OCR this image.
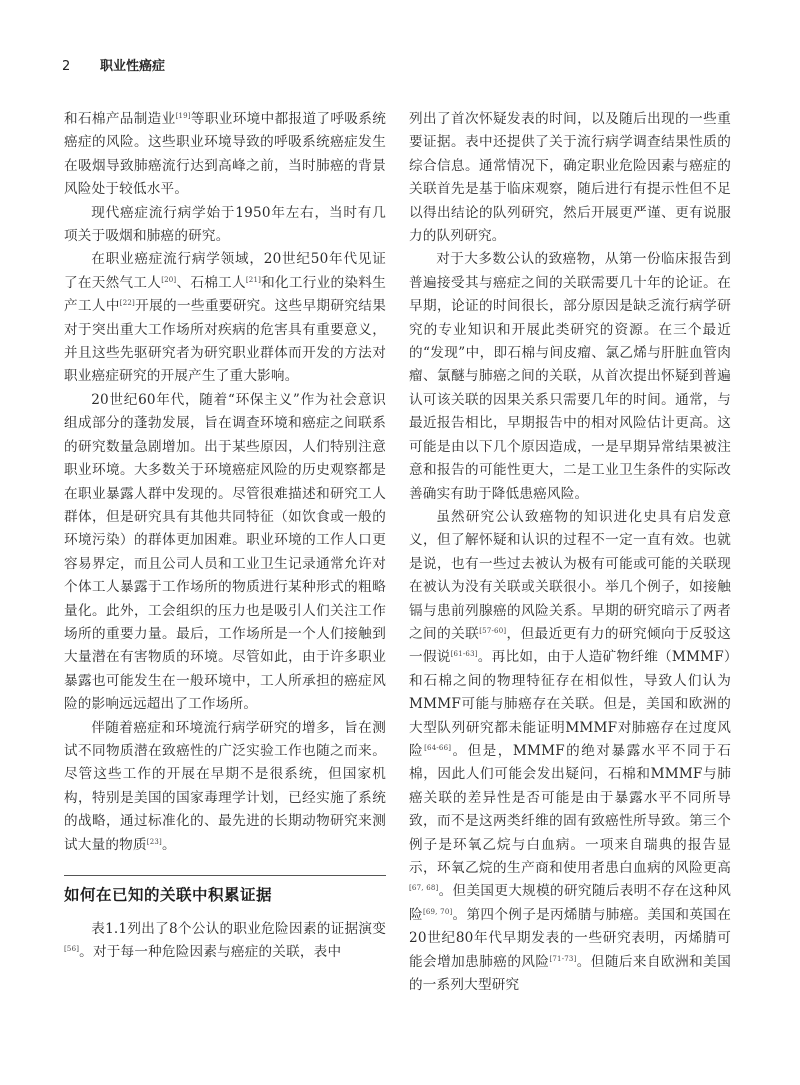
2 职业性癌症

和石棉产品制造业[19]等职业环境中都报道了呼吸系统癌症的风险。这些职业环境导致的呼吸系统癌症发生在吸烟导致肺癌流行达到高峰之前，当时肺癌的背景风险处于较低水平。

现代癌症流行病学始于1950年左右，当时有几项关于吸烟和肺癌的研究。

在职业癌症流行病学领域，20世纪50年代见证了在天然气工人[20]、石棉工人[21]和化工行业的染料生产工人中[22]开展的一些重要研究。这些早期研究结果对于突出重大工作场所对疾病的危害具有重要意义，并且这些先驱研究者为研究职业群体而开发的方法对职业癌症研究的开展产生了重大影响。

20世纪60年代，随着“环保主义”作为社会意识组成部分的蓬勃发展，旨在调查环境和癌症之间联系的研究数量急剧增加。出于某些原因，人们特别注意职业环境。大多数关于环境癌症风险的历史观察都是在职业暴露人群中发现的。尽管很难描述和研究工人群体，但是研究具有其他共同特征（如饮食或一般的环境污染）的群体更加困难。职业环境的工作人口更容易界定，而且公司人员和工业卫生记录通常允许对个体工人暴露于工作场所的物质进行某种形式的粗略量化。此外，工会组织的压力也是吸引人们关注工作场所的重要力量。最后，工作场所是一个人们接触到大量潜在有害物质的环境。尽管如此，由于许多职业暴露也可能发生在一般环境中，工人所承担的癌症风险的影响远远超出了工作场所。

伴随着癌症和环境流行病学研究的增多，旨在测试不同物质潜在致癌性的广泛实验工作也随之而来。尽管这些工作的开展在早期不是很系统，但国家机构，特别是美国的国家毒理学计划，已经实施了系统的战略，通过标准化的、最先进的长期动物研究来测试大量的物质[23]。

如何在已知的关联中积累证据

表1.1列出了8个公认的职业危险因素的证据演变[56]。对于每一种危险因素与癌症的关联，表中

列出了首次怀疑发表的时间，以及随后出现的一些重要证据。表中还提供了关于流行病学调查结果性质的综合信息。通常情况下，确定职业危险因素与癌症的关联首先是基于临床观察，随后进行有提示性但不足以得出结论的队列研究，然后开展更严谨、更有说服力的队列研究。

对于大多数公认的致癌物，从第一份临床报告到普遍接受其与癌症之间的关联需要几十年的论证。在早期，论证的时间很长，部分原因是缺乏流行病学研究的专业知识和开展此类研究的资源。在三个最近的“发现”中，即石棉与间皮瘤、氯乙烯与肝脏血管肉瘤、氯醚与肺癌之间的关联，从首次提出怀疑到普遍认可该关联的因果关系只需要几年的时间。通常，与最近报告相比，早期报告中的相对风险估计更高。这可能是由以下几个原因造成，一是早期异常结果被注意和报告的可能性更大，二是工业卫生条件的实际改善确实有助于降低患癌风险。

虽然研究公认致癌物的知识进化史具有启发意义，但了解怀疑和认识的过程不一定一直有效。也就是说，也有一些过去被认为极有可能或可能的关联现在被认为没有关联或关联很小。举几个例子，如接触镉与患前列腺癌的风险关系。早期的研究暗示了两者之间的关联[57-60]，但最近更有力的研究倾向于反驳这一假说[61-63]。再比如，由于人造矿物纤维（MMMF）和石棉之间的物理特征存在相似性，导致人们认为MMMF可能与肺癌存在关联。但是，美国和欧洲的大型队列研究都未能证明MMMF对肺癌存在过度风险[64-66]。但是，MMMF的绝对暴露水平不同于石棉，因此人们可能会发出疑问，石棉和MMMF与肺癌关联的差异性是否可能是由于暴露水平不同所导致，而不是这两类纤维的固有致癌性所导致。第三个例子是环氧乙烷与白血病。一项来自瑞典的报告显示，环氧乙烷的生产商和使用者患白血病的风险更高[67, 68]。但美国更大规模的研究随后表明不存在这种风险[69, 70]。第四个例子是丙烯腈与肺癌。美国和英国在20世纪80年代早期发表的一些研究表明，丙烯腈可能会增加患肺癌的风险[71-73]。但随后来自欧洲和美国的一系列大型研究
